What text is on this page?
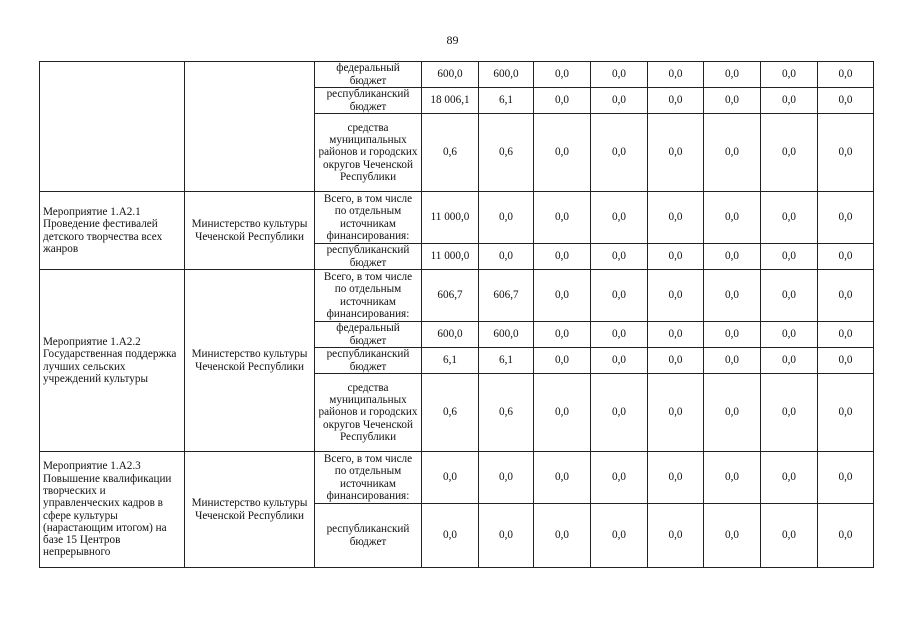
89
		федеральный бюджет	600,0	600,0	0,0	0,0	0,0	0,0	0,0	0,0
		республиканский бюджет	18 006,1	6,1	0,0	0,0	0,0	0,0	0,0	0,0
		средства муниципальных районов и городских округов Чеченской Республики	0,6	0,6	0,0	0,0	0,0	0,0	0,0	0,0
Мероприятие 1.А2.1 Проведение фестивалей детского творчества всех жанров	Министерство культуры Чеченской Республики	Всего, в том числе по отдельным источникам финансирования:	11 000,0	0,0	0,0	0,0	0,0	0,0	0,0	0,0
		республиканский бюджет	11 000,0	0,0	0,0	0,0	0,0	0,0	0,0	0,0
Мероприятие 1.А2.2 Государственная поддержка лучших сельских учреждений культуры	Министерство культуры Чеченской Республики	Всего, в том числе по отдельным источникам финансирования:	606,7	606,7	0,0	0,0	0,0	0,0	0,0	0,0
		федеральный бюджет	600,0	600,0	0,0	0,0	0,0	0,0	0,0	0,0
		республиканский бюджет	6,1	6,1	0,0	0,0	0,0	0,0	0,0	0,0
		средства муниципальных районов и городских округов Чеченской Республики	0,6	0,6	0,0	0,0	0,0	0,0	0,0	0,0
Мероприятие 1.А2.3 Повышение квалификации творческих и управленческих кадров в сфере культуры (нарастающим итогом) на базе 15 Центров непрерывного	Министерство культуры Чеченской Республики	Всего, в том числе по отдельным источникам финансирования:	0,0	0,0	0,0	0,0	0,0	0,0	0,0	0,0
		республиканский бюджет	0,0	0,0	0,0	0,0	0,0	0,0	0,0	0,0
